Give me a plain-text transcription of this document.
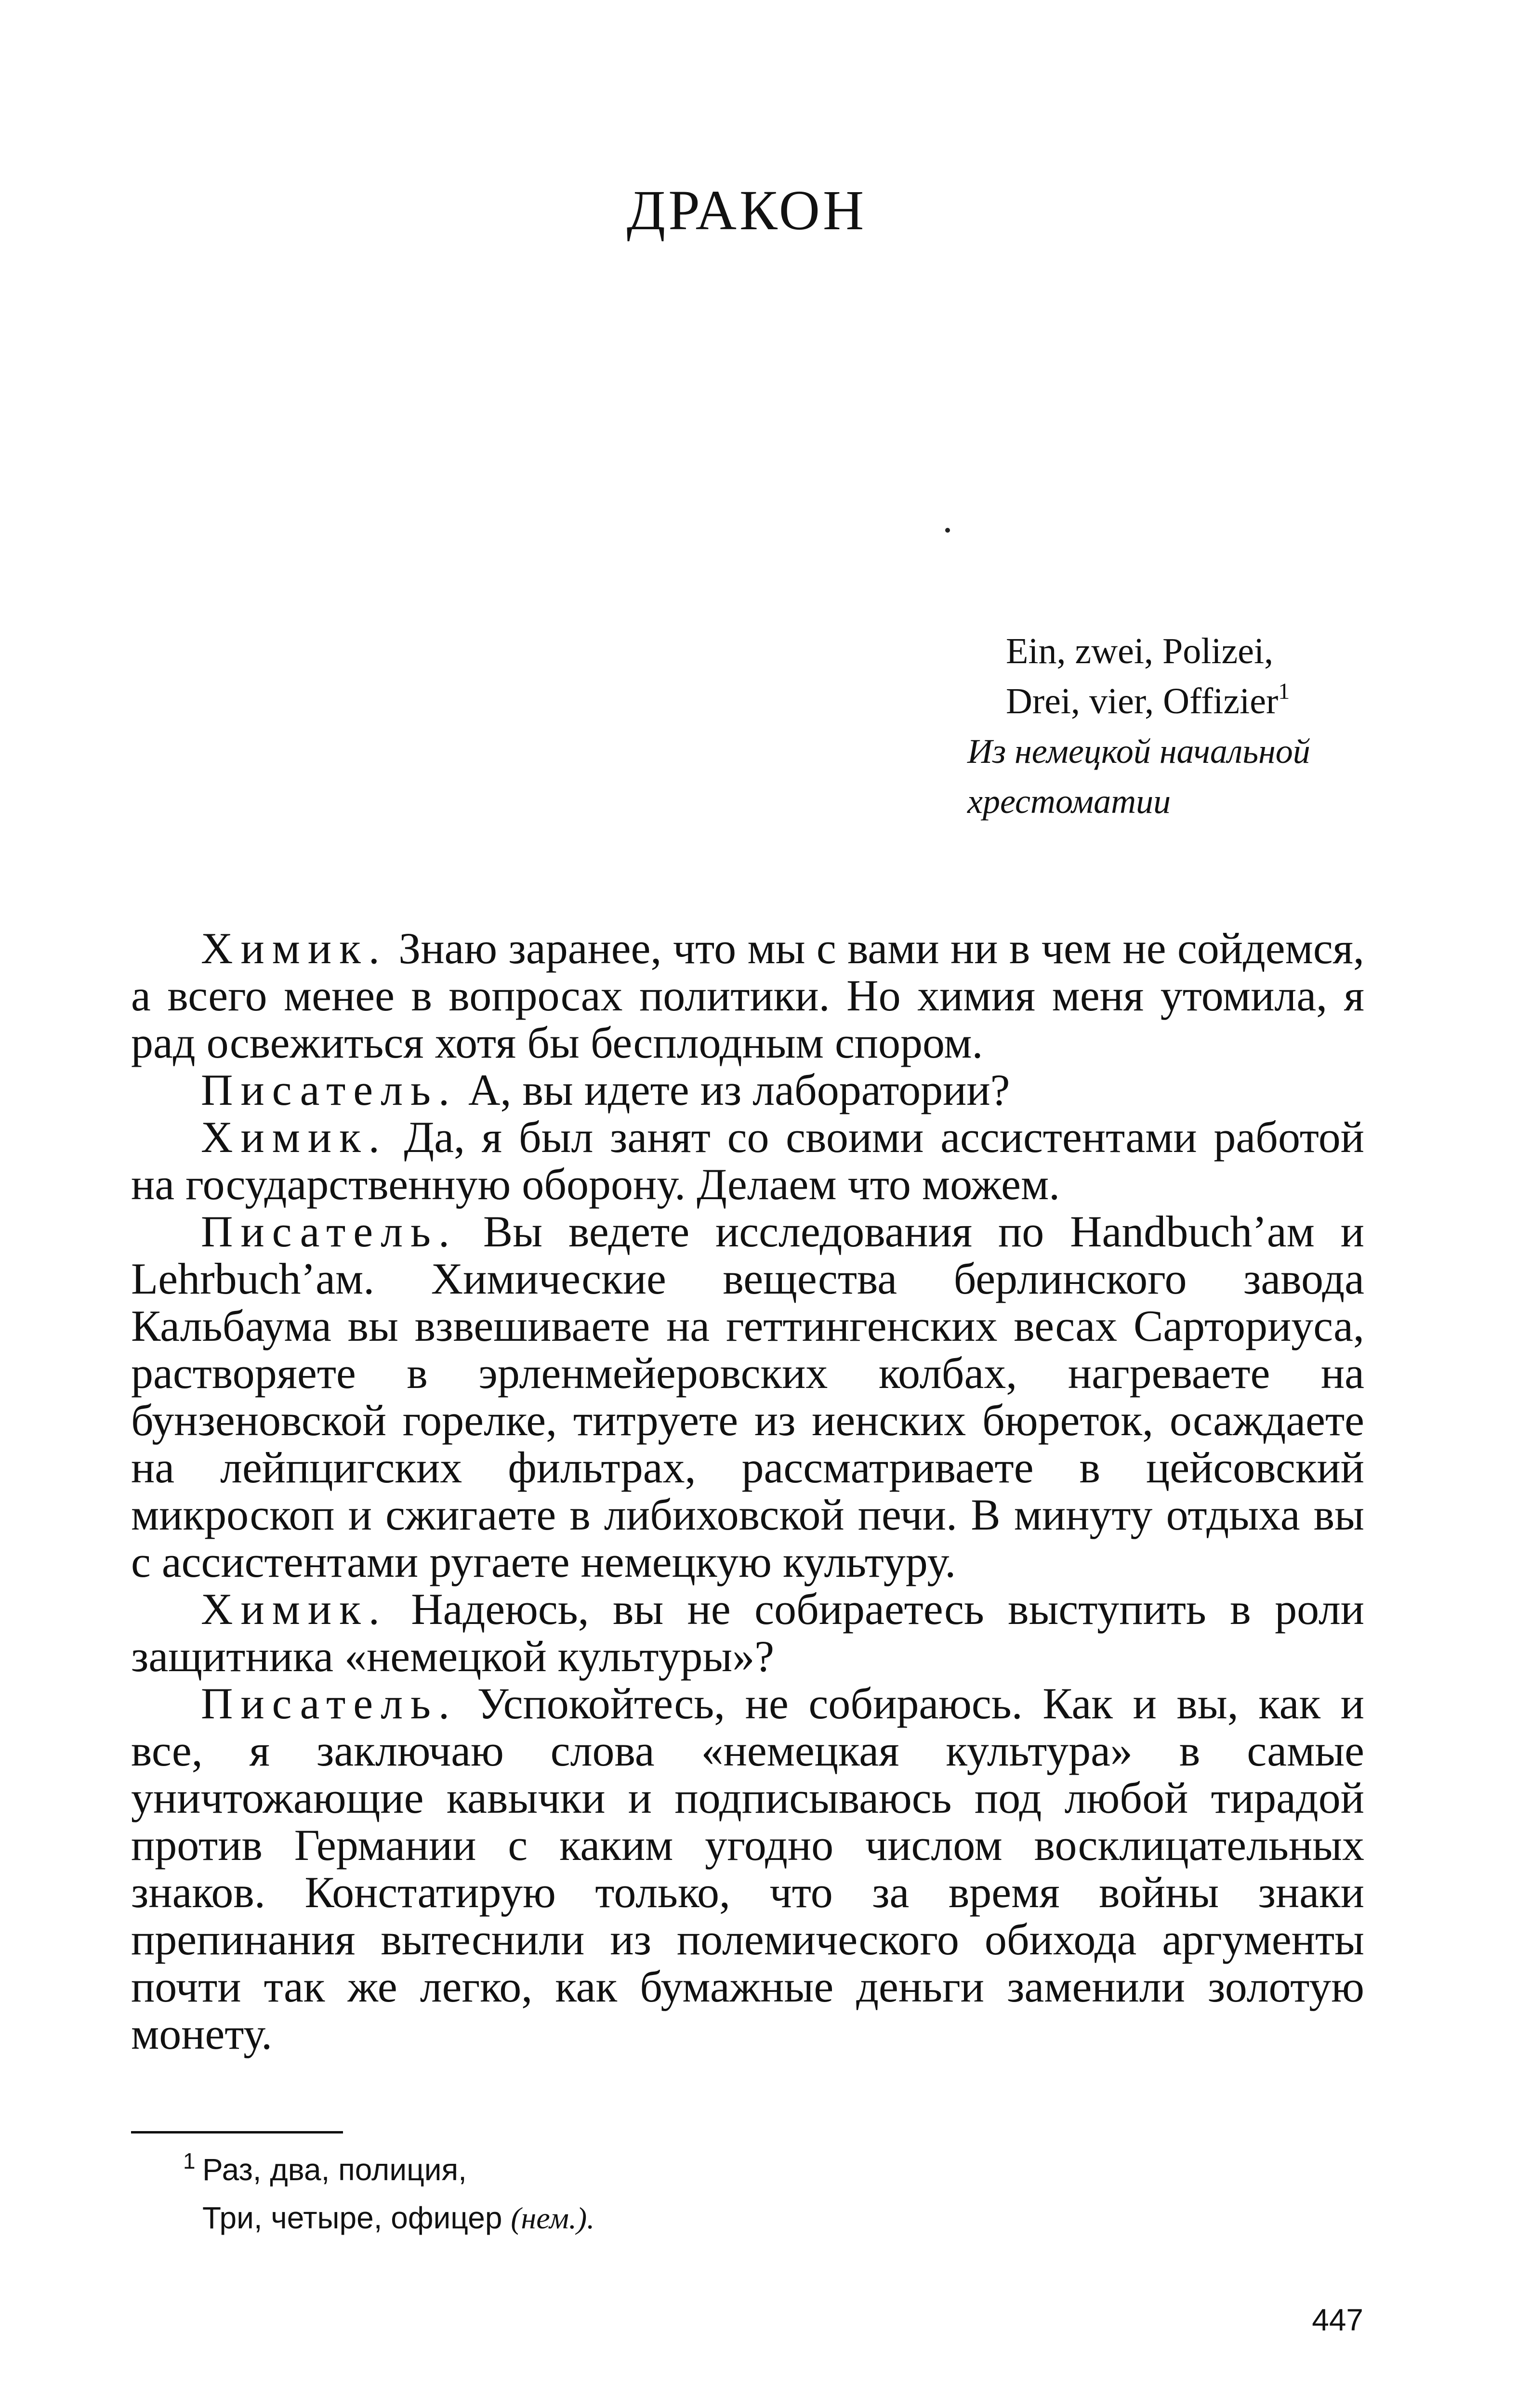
ДРАКОН
Ein, zwei, Polizei,
Drei, vier, Offizier$^1$
Из немецкой начальной хрестоматии

Химик. Знаю заранее, что мы с вами ни в чем не сойдемся, а всего менее в вопросах политики. Но химия меня утомила, я рад освежиться хотя бы бесплодным спором.

Писатель. А, вы идете из лаборатории?

Химик. Да, я был занят со своими ассистентами работой на государственную оборону. Делаем что можем.

Писатель. Вы ведете исследования по Handbuch’ам и Lehrbuch’ам. Химические вещества берлинского завода Кальбаума вы взвешиваете на геттингенских весах Сарториуса, растворяете в эрленмейеровских колбах, нагреваете на бунзеновской горелке, титруете из иенских бюреток, осаждаете на лейпцигских фильтрах, рассматриваете в цейсовский микроскоп и сжигаете в либиховской печи. В минуту отдыха вы с ассистентами ругаете немецкую культуру.

Химик. Надеюсь, вы не собираетесь выступить в роли защитника «немецкой культуры»?

Писатель. Успокойтесь, не собираюсь. Как и вы, как и все, я заключаю слова «немецкая культура» в самые уничтожающие кавычки и подписываюсь под любой тирадой против Германии с каким угодно числом восклицательных знаков. Констатирую только, что за время войны знаки препинания вытеснили из полемического обихода аргументы почти так же легко, как бумажные деньги заменили золотую монету.

1 Раз, два, полиция,
Три, четыре, офицер (нем.).
447
